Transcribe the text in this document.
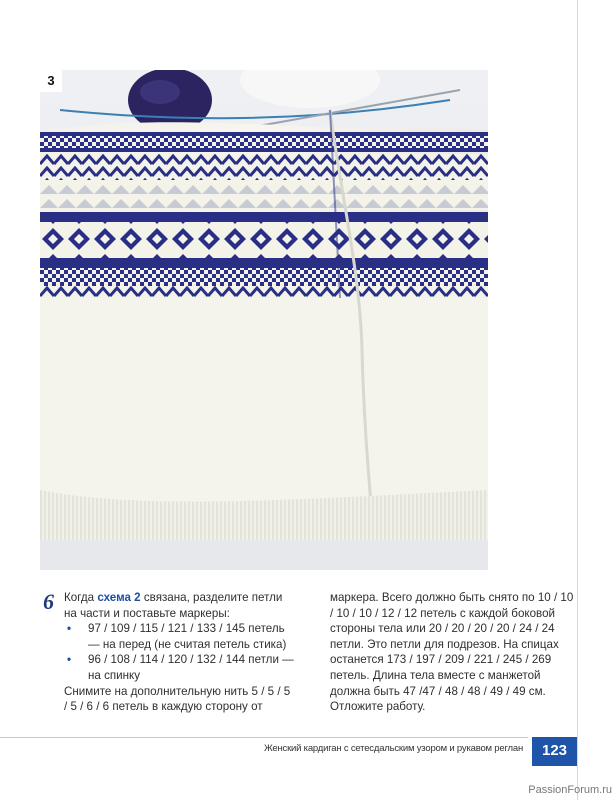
3
6 Когда схема 2 связана, разделите петли на части и поставьте маркеры:

• 97 / 109 / 115 / 121 / 133 / 145 петель — на перед (не считая петель стика)
• 96 / 108 / 114 / 120 / 132 / 144 петли — на спинку

Снимите на дополнительную нить 5 / 5 / 5 / 5 / 6 / 6 петель в каждую сторону от

маркера. Всего должно быть снято по 10 / 10 / 10 / 10 / 12 / 12 петель с каждой боковой стороны тела или 20 / 20 / 20 / 20 / 24 / 24 петли. Это петли для подрезов. На спицах останется 173 / 197 / 209 / 221 / 245 / 269 петель. Длина тела вместе с манжетой должна быть 47 /47 / 48 / 48 / 49 / 49 см. Отложите работу.

Женский кардиган с сетесдальским узором и рукавом реглан	123
PassionForum.ru
